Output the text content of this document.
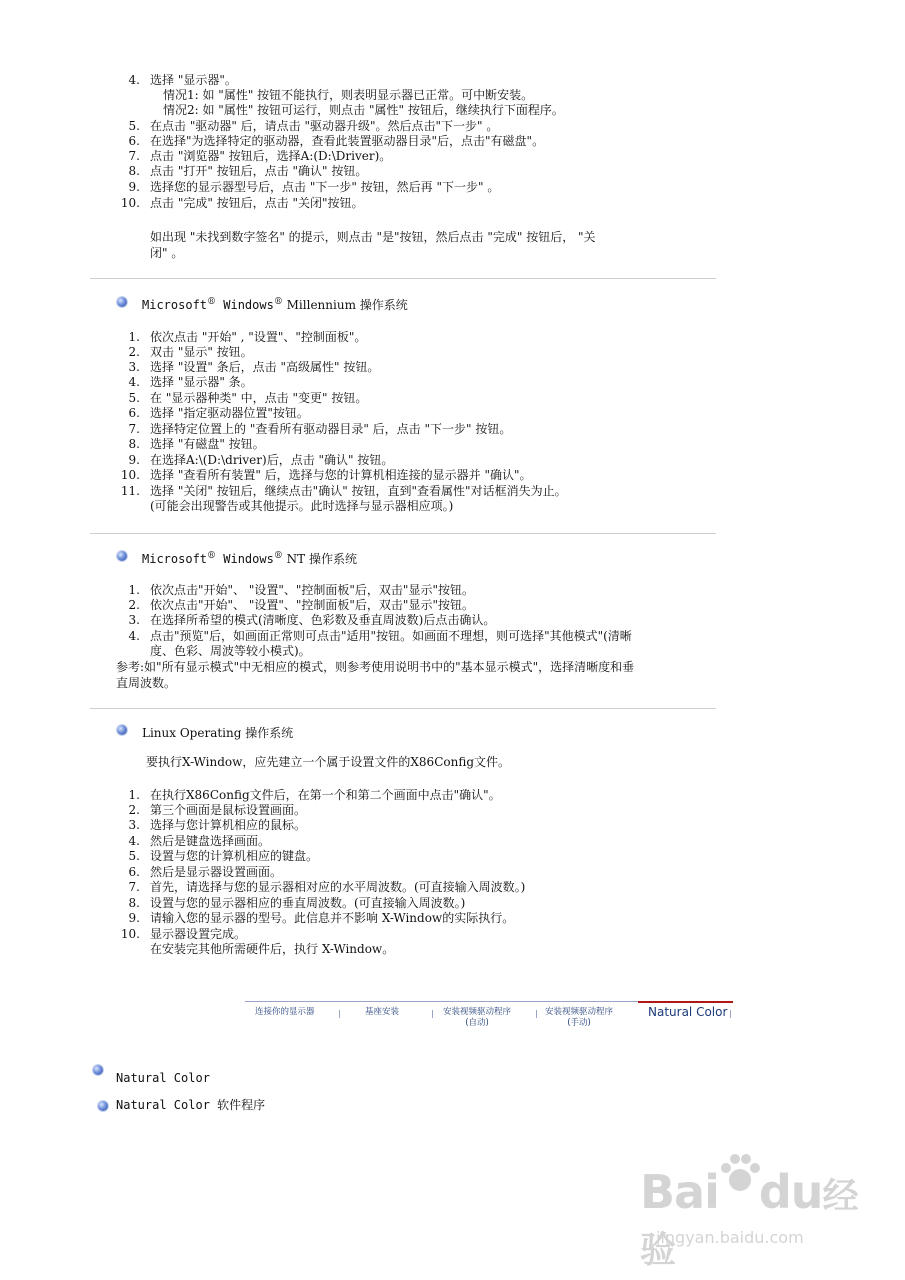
4. 选择 "显示器"。
情况1: 如 "属性" 按钮不能执行，则表明显示器已正常。可中断安装。
情况2: 如 "属性" 按钮可运行，则点击 "属性" 按钮后，继续执行下面程序。
5. 在点击 "驱动器" 后，请点击 "驱动器升级"。然后点击"下一步" 。
6. 在选择"为选择特定的驱动器，查看此装置驱动器目录"后，点击"有磁盘"。
7. 点击 "浏览器" 按钮后，选择A:(D:\Driver)。
8. 点击 "打开" 按钮后，点击 "确认" 按钮。
9. 选择您的显示器型号后，点击 "下一步" 按钮，然后再 "下一步" 。
10. 点击 "完成" 按钮后，点击 "关闭"按钮。
如出现 "未找到数字签名" 的提示，则点击 "是"按钮，然后点击 "完成" 按钮后， "关
闭" 。
Microsoft® Windows® Millennium 操作系统
1. 依次点击 "开始" , "设置"、"控制面板"。
2. 双击 "显示" 按钮。
3. 选择 "设置" 条后，点击 "高级属性" 按钮。
4. 选择 "显示器" 条。
5. 在 "显示器种类" 中，点击 "变更" 按钮。
6. 选择 "指定驱动器位置"按钮。
7. 选择特定位置上的 "查看所有驱动器目录" 后，点击 "下一步" 按钮。
8. 选择 "有磁盘" 按钮。
9. 在选择A:\(D:\driver)后，点击 "确认" 按钮。
10. 选择 "查看所有装置" 后，选择与您的计算机相连接的显示器并 "确认"。
11. 选择 "关闭" 按钮后，继续点击"确认" 按钮，直到"查看属性"对话框消失为止。
(可能会出现警告或其他提示。此时选择与显示器相应项。)
Microsoft® Windows® NT 操作系统
1. 依次点击"开始"、 "设置"、"控制面板"后，双击"显示"按钮。
2. 依次点击"开始"、 "设置"、"控制面板"后，双击"显示"按钮。
3. 在选择所希望的模式(清晰度、色彩数及垂直周波数)后点击确认。
4. 点击"预览"后，如画面正常则可点击"适用"按钮。如画面不理想，则可选择"其他模式"(清晰
度、色彩、周波等较小模式)。
参考:如"所有显示模式"中无相应的模式，则参考使用说明书中的"基本显示模式"，选择清晰度和垂
直周波数。
Linux Operating 操作系统
要执行X-Window，应先建立一个属于设置文件的X86Config文件。
1. 在执行X86Config文件后，在第一个和第二个画面中点击"确认"。
2. 第三个画面是鼠标设置画面。
3. 选择与您计算机相应的鼠标。
4. 然后是键盘选择画面。
5. 设置与您的计算机相应的键盘。
6. 然后是显示器设置画面。
7. 首先，请选择与您的显示器相对应的水平周波数。(可直接输入周波数。)
8. 设置与您的显示器相应的垂直周波数。(可直接输入周波数。)
9. 请输入您的显示器的型号。此信息并不影响 X-Window的实际执行。
10. 显示器设置完成。
在安装完其他所需硬件后，执行 X-Window。
连接你的显示器	|	基座安装	| 安装视频驱动程序
(自动)
| 安装视频驱动程序
(手动)
Natural Color |
Natural Color
Natural Color 软件程序
Bai du经验
jingyan.baidu.com
